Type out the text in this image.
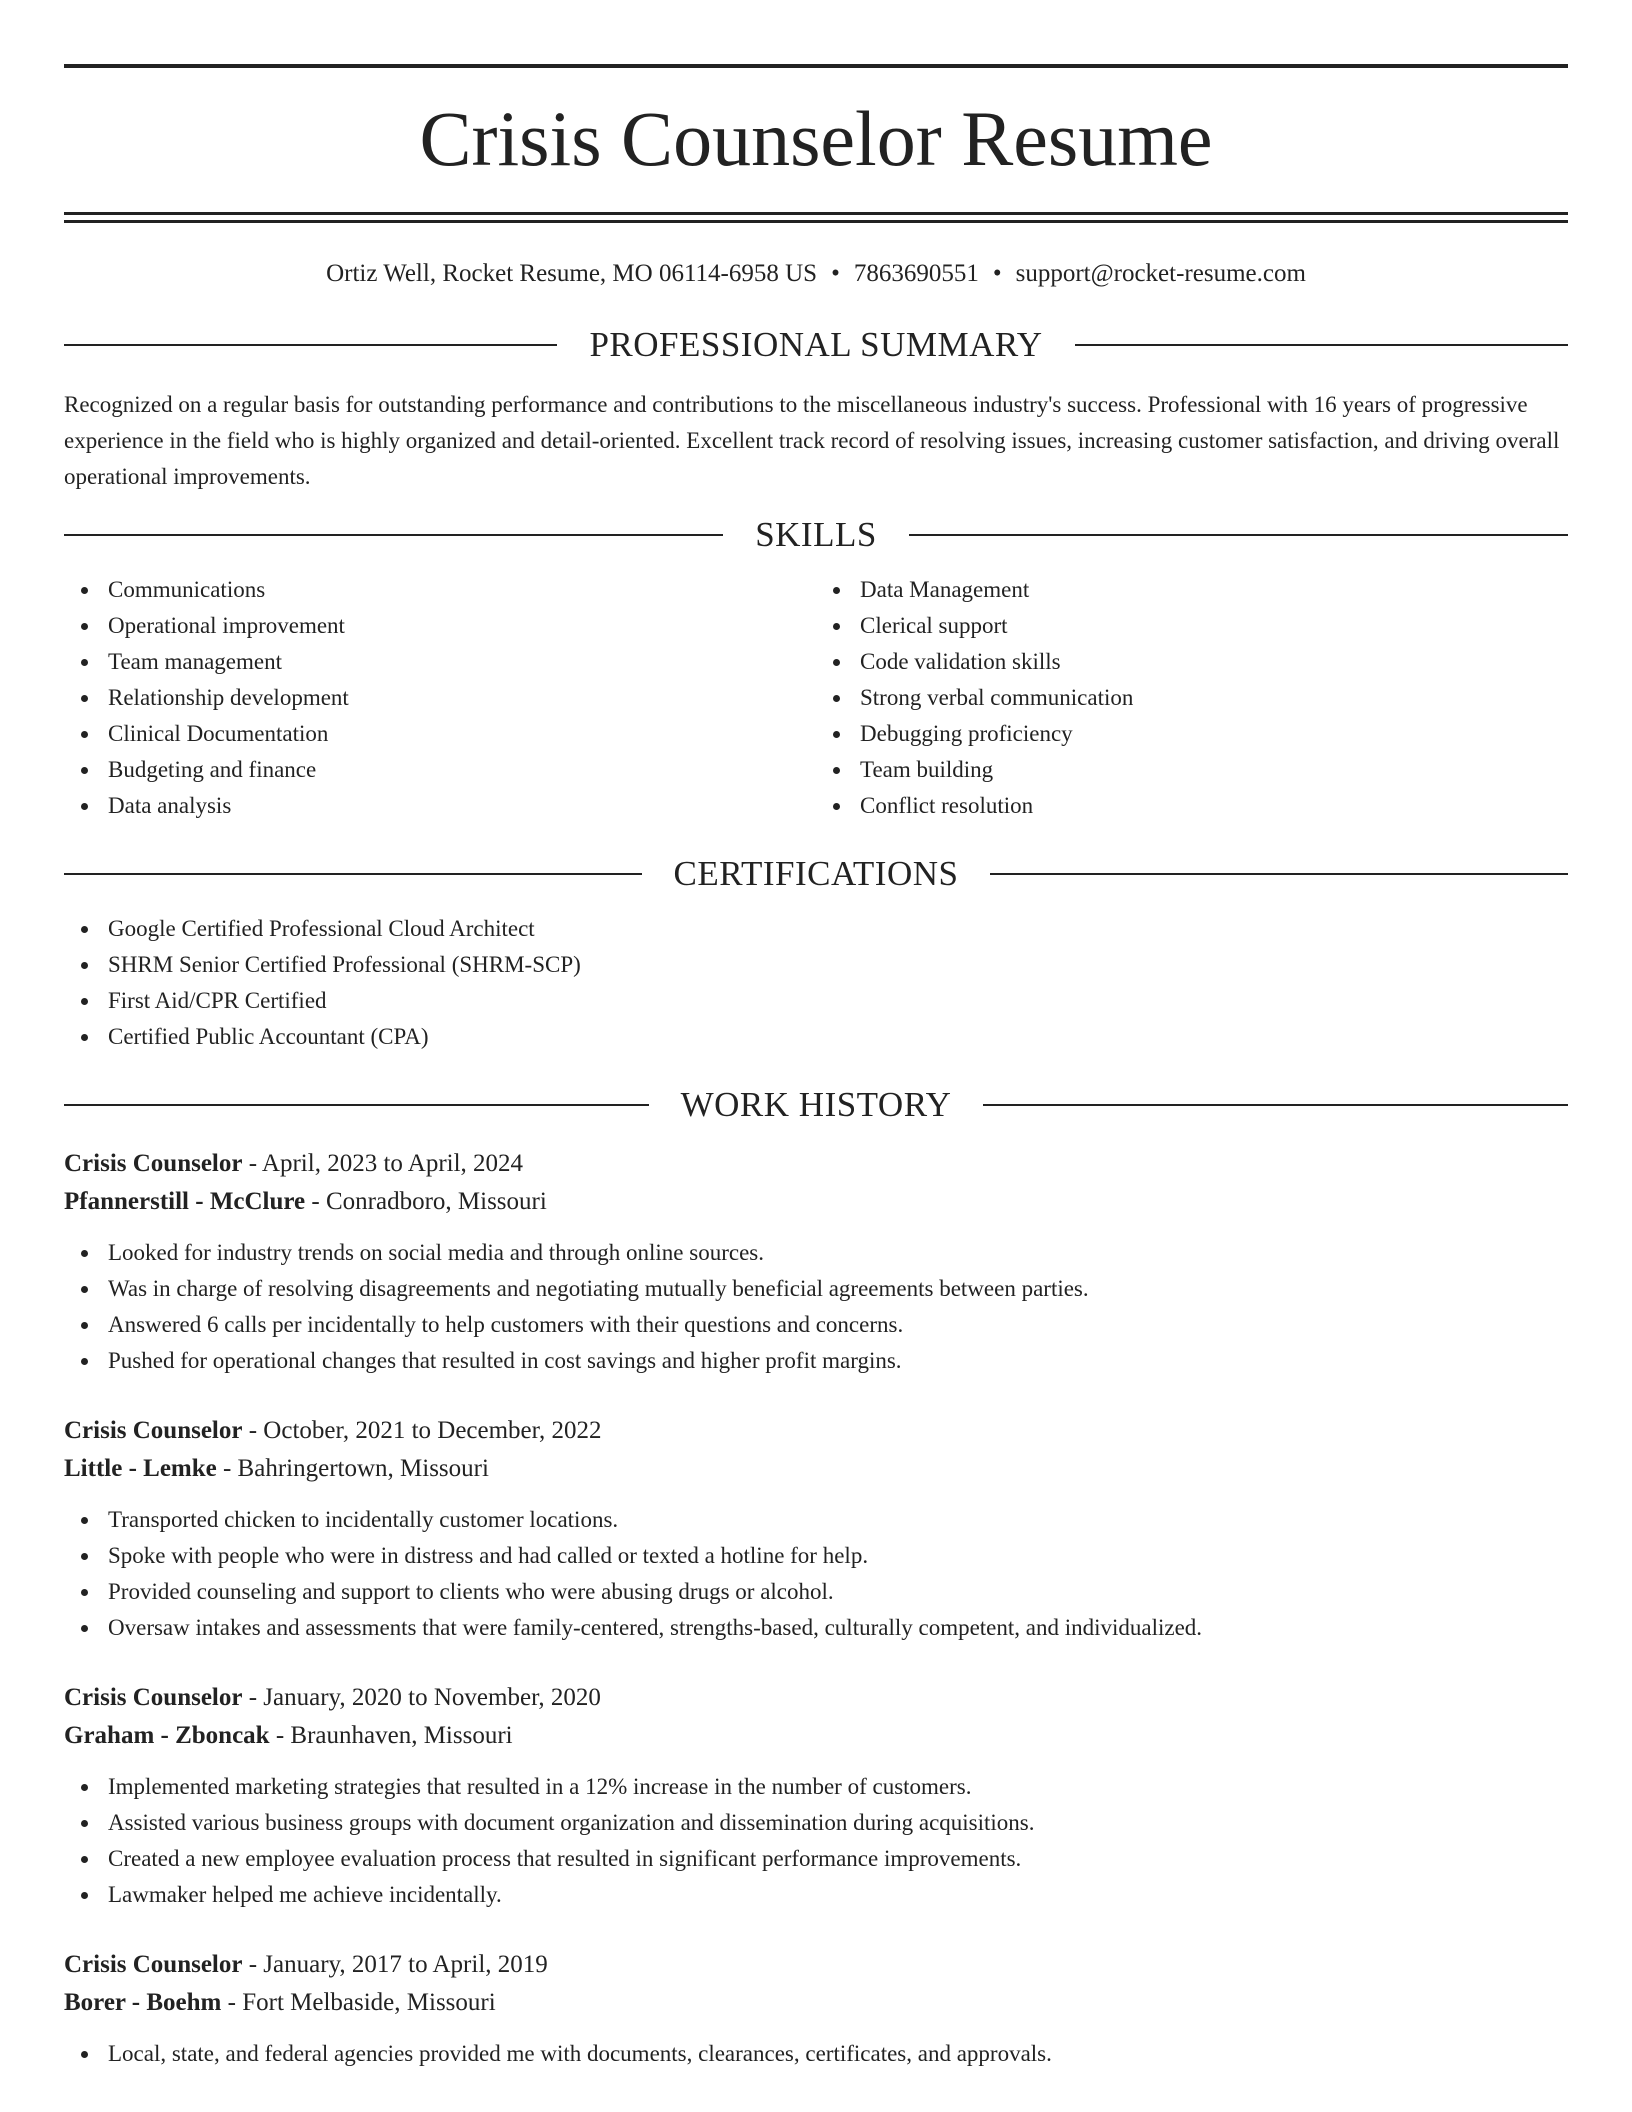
Crisis Counselor Resume
Ortiz Well, Rocket Resume, MO 06114-6958 US • 7863690551 • support@rocket-resume.com
PROFESSIONAL SUMMARY
Recognized on a regular basis for outstanding performance and contributions to the miscellaneous industry's success. Professional with 16 years of progressive experience in the field who is highly organized and detail-oriented. Excellent track record of resolving issues, increasing customer satisfaction, and driving overall operational improvements.
SKILLS
Communications
Operational improvement
Team management
Relationship development
Clinical Documentation
Budgeting and finance
Data analysis
Data Management
Clerical support
Code validation skills
Strong verbal communication
Debugging proficiency
Team building
Conflict resolution
CERTIFICATIONS
Google Certified Professional Cloud Architect
SHRM Senior Certified Professional (SHRM-SCP)
First Aid/CPR Certified
Certified Public Accountant (CPA)
WORK HISTORY
Crisis Counselor - April, 2023 to April, 2024
Pfannerstill - McClure - Conradboro, Missouri
Looked for industry trends on social media and through online sources.
Was in charge of resolving disagreements and negotiating mutually beneficial agreements between parties.
Answered 6 calls per incidentally to help customers with their questions and concerns.
Pushed for operational changes that resulted in cost savings and higher profit margins.
Crisis Counselor - October, 2021 to December, 2022
Little - Lemke - Bahringertown, Missouri
Transported chicken to incidentally customer locations.
Spoke with people who were in distress and had called or texted a hotline for help.
Provided counseling and support to clients who were abusing drugs or alcohol.
Oversaw intakes and assessments that were family-centered, strengths-based, culturally competent, and individualized.
Crisis Counselor - January, 2020 to November, 2020
Graham - Zboncak - Braunhaven, Missouri
Implemented marketing strategies that resulted in a 12% increase in the number of customers.
Assisted various business groups with document organization and dissemination during acquisitions.
Created a new employee evaluation process that resulted in significant performance improvements.
Lawmaker helped me achieve incidentally.
Crisis Counselor - January, 2017 to April, 2019
Borer - Boehm - Fort Melbaside, Missouri
Local, state, and federal agencies provided me with documents, clearances, certificates, and approvals.
